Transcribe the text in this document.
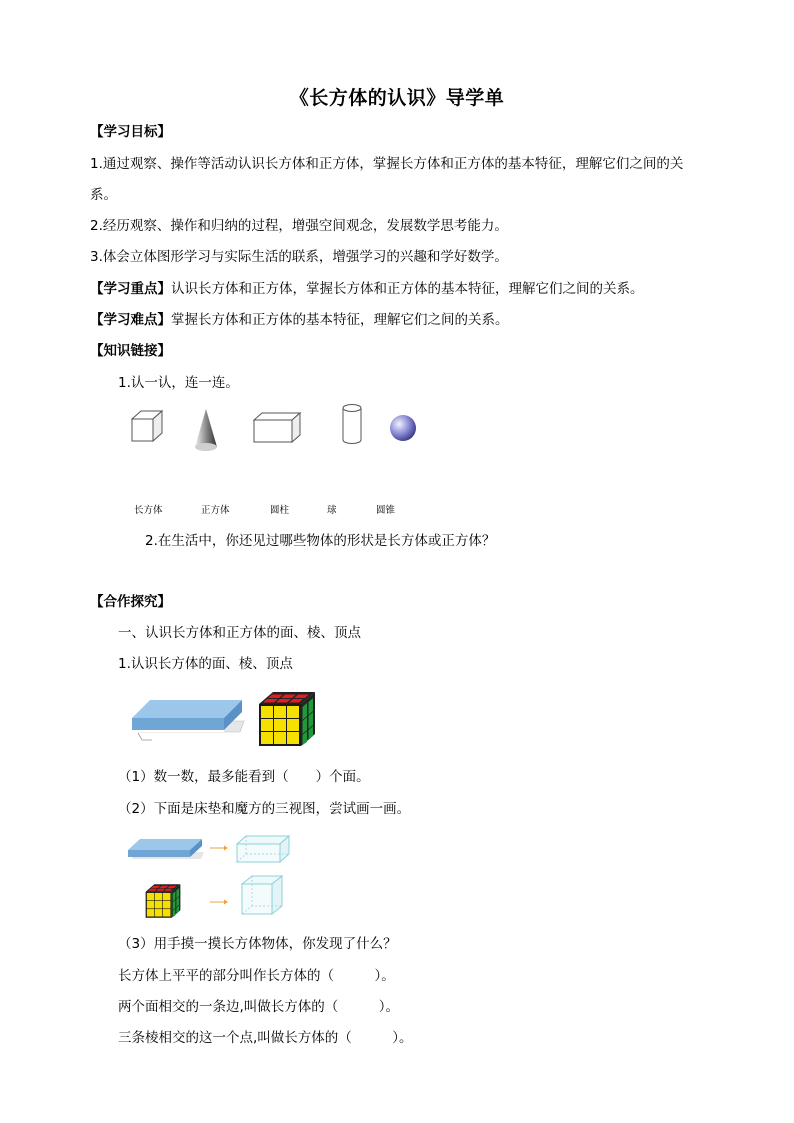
《长方体的认识》导学单
【学习目标】
1.通过观察、操作等活动认识长方体和正方体，掌握长方体和正方体的基本特征，理解它们之间的关
系。
2.经历观察、操作和归纳的过程，增强空间观念，发展数学思考能力。
3.体会立体图形学习与实际生活的联系，增强学习的兴趣和学好数学。
【学习重点】认识长方体和正方体，掌握长方体和正方体的基本特征，理解它们之间的关系。
【学习难点】掌握长方体和正方体的基本特征，理解它们之间的关系。
【知识链接】
1.认一认，连一连。
长方体	正方体	圆柱	球	圆锥
2.在生活中，你还见过哪些物体的形状是长方体或正方体？
【合作探究】
一、认识长方体和正方体的面、棱、顶点
1.认识长方体的面、棱、顶点
（1）数一数，最多能看到（　　）个面。
（2）下面是床垫和魔方的三视图，尝试画一画。
（3）用手摸一摸长方体物体，你发现了什么？
长方体上平平的部分叫作长方体的（　　　）。
两个面相交的一条边,叫做长方体的（　　　）。
三条棱相交的这一个点,叫做长方体的（　　　）。
